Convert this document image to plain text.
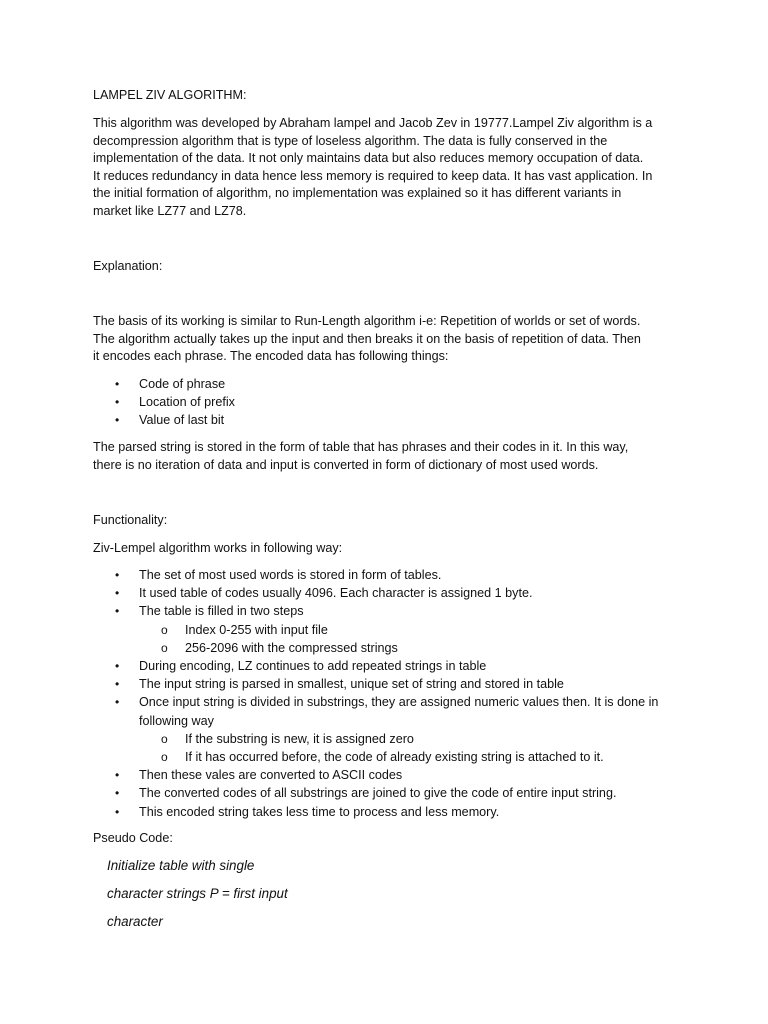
LAMPEL ZIV ALGORITHM:
This algorithm was developed by Abraham lampel and Jacob Zev in 19777.Lampel Ziv algorithm is a
decompression algorithm that is type of loseless algorithm. The data is fully conserved in the
implementation of the data. It not only maintains data but also reduces memory occupation of data.
It reduces redundancy in data hence less memory is required to keep data. It has vast application. In
the initial formation of algorithm, no implementation was explained so it has different variants in
market like LZ77 and LZ78.
Explanation:
The basis of its working is similar to Run-Length algorithm i-e: Repetition of worlds or set of words.
The algorithm actually takes up the input and then breaks it on the basis of repetition of data. Then
it encodes each phrase. The encoded data has following things:
• Code of phrase
• Location of prefix
• Value of last bit
The parsed string is stored in the form of table that has phrases and their codes in it. In this way,
there is no iteration of data and input is converted in form of dictionary of most used words.
Functionality:
Ziv-Lempel algorithm works in following way:
• The set of most used words is stored in form of tables.
• It used table of codes usually 4096. Each character is assigned 1 byte.
• The table is filled in two steps
o Index 0-255 with input file
o 256-2096 with the compressed strings
• During encoding, LZ continues to add repeated strings in table
• The input string is parsed in smallest, unique set of string and stored in table
• Once input string is divided in substrings, they are assigned numeric values then. It is done in
following way
o If the substring is new, it is assigned zero
o If it has occurred before, the code of already existing string is attached to it.
• Then these vales are converted to ASCII codes
• The converted codes of all substrings are joined to give the code of entire input string.
• This encoded string takes less time to process and less memory.
Pseudo Code:
Initialize table with single
character strings P = first input
character
